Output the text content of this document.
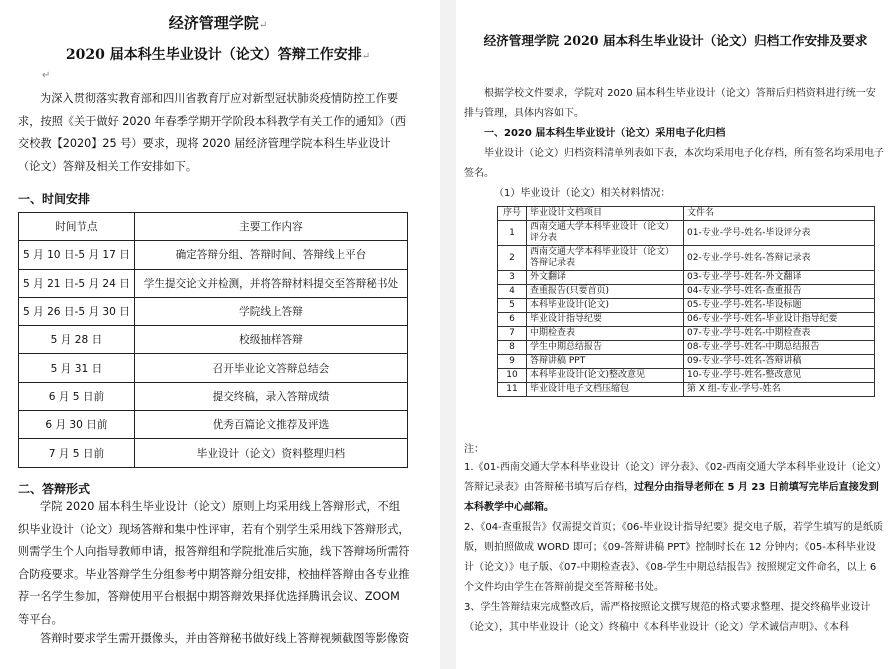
经济管理学院↵
2020 届本科生毕业设计（论文）答辩工作安排↵
↵
为深入贯彻落实教育部和四川省教育厅应对新型冠状肺炎疫情防控工作要求，按照《关于做好 2020 年春季学期开学阶段本科教学有关工作的通知》（西交校教【2020】25 号）要求，现将 2020 届经济管理学院本科生毕业设计（论文）答辩及相关工作安排如下。
一、时间安排
时间节点	主要工作内容
5 月 10 日-5 月 17 日	确定答辩分组、答辩时间、答辩线上平台
5 月 21 日-5 月 24 日	学生提交论文并检测，并将答辩材料提交至答辩秘书处
5 月 26 日-5 月 30 日	学院线上答辩
5 月 28 日	校级抽样答辩
5 月 31 日	召开毕业论文答辩总结会
6 月 5 日前	提交终稿，录入答辩成绩
6 月 30 日前	优秀百篇论文推荐及评选
7 月 5 日前	毕业设计（论文）资料整理归档
二、答辩形式
学院 2020 届本科生毕业设计（论文）原则上均采用线上答辩形式，不组织毕业设计（论文）现场答辩和集中性评审，若有个别学生采用线下答辩形式，则需学生个人向指导教师申请，报答辩组和学院批准后实施，线下答辩场所需符合防疫要求。毕业答辩学生分组参考中期答辩分组安排，校抽样答辩由各专业推荐一名学生参加，答辩使用平台根据中期答辩效果择优选择腾讯会议、ZOOM 等平台。
答辩时要求学生需开摄像头，并由答辩秘书做好线上答辩视频截图等影像资
经济管理学院 2020 届本科生毕业设计（论文）归档工作安排及要求
根据学校文件要求，学院对 2020 届本科生毕业设计（论文）答辩后归档资料进行统一安排与管理，具体内容如下。
一、2020 届本科生毕业设计（论文）采用电子化归档
毕业设计（论文）归档资料清单列表如下表，本次均采用电子化存档，所有签名均采用电子签名。
（1）毕业设计（论文）相关材料情况：
序号	毕业设计文档项目	文件名
1	西南交通大学本科毕业设计（论文）评分表	01-专业-学号-姓名-毕设评分表
2	西南交通大学本科毕业设计（论文）答辩记录表	02-专业-学号-姓名-答辩记录表
3	外文翻译	03-专业-学号-姓名-外文翻译
4	查重报告(只要首页)	04-专业-学号-姓名-查重报告
5	本科毕业设计(论文)	05-专业-学号-姓名-毕设标题
6	毕业设计指导纪要	06-专业-学号-姓名-毕业设计指导纪要
7	中期检查表	07-专业-学号-姓名-中期检查表
8	学生中期总结报告	08-专业-学号-姓名-中期总结报告
9	答辩讲稿 PPT	09-专业-学号-姓名-答辩讲稿
10	本科毕业设计(论文)整改意见	10-专业-学号-姓名-整改意见
11	毕业设计电子文档压缩包	第 X 组-专业-学号-姓名
注：
1.《01-西南交通大学本科毕业设计（论文）评分表》、《02-西南交通大学本科毕业设计（论文）答辩记录表》由答辩秘书填写后存档，过程分由指导老师在 5 月 23 日前填写完毕后直接发到本科教学中心邮箱。
2、《04-查重报告》仅需提交首页；《06-毕业设计指导纪要》提交电子版，若学生填写的是纸质版，则拍照做成 WORD 即可；《09-答辩讲稿 PPT》控制时长在 12 分钟内；《05-本科毕业设计（论文）》电子版、《07-中期检查表》、《08-学生中期总结报告》按照规定文件命名，以上 6 个文件均由学生在答辩前提交至答辩秘书处。
3、学生答辩结束完成整改后，需严格按照论文撰写规范的格式要求整理、提交终稿毕业设计（论文），其中毕业设计（论文）终稿中《本科毕业设计（论文）学术诚信声明》、《本科
